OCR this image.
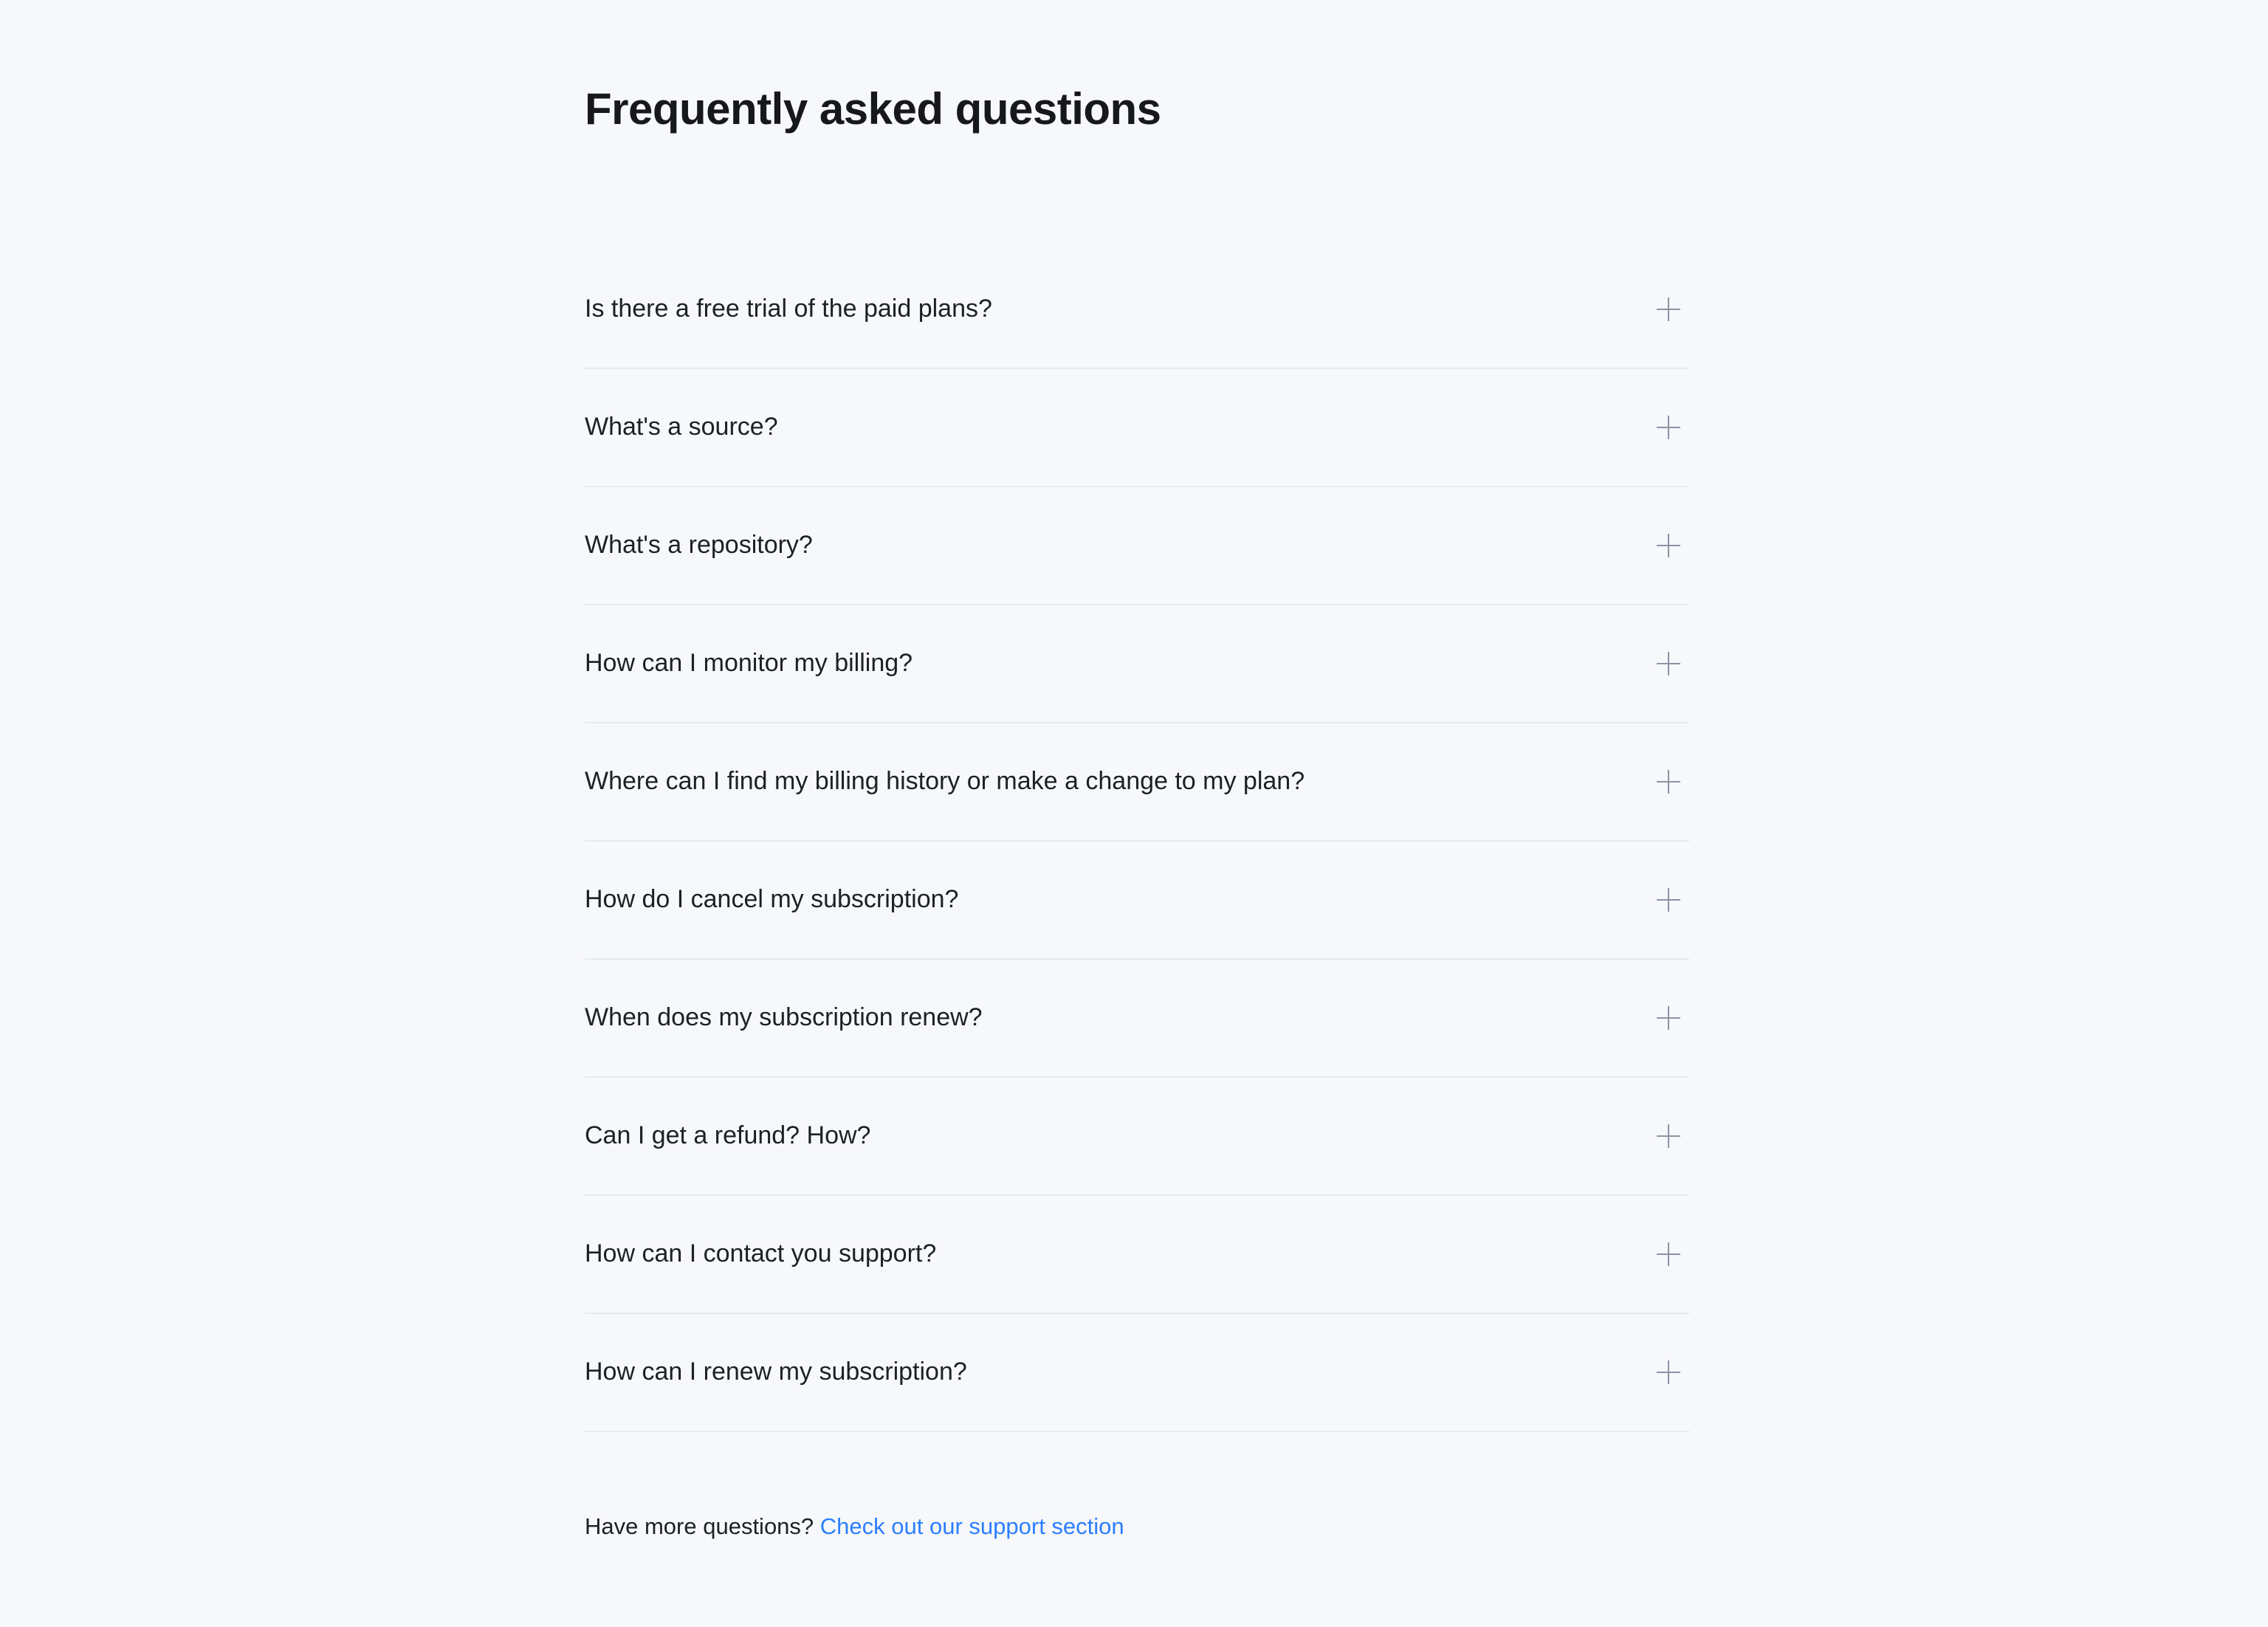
Frequently asked questions
Is there a free trial of the paid plans?
What's a source?
What's a repository?
How can I monitor my billing?
Where can I find my billing history or make a change to my plan?
How do I cancel my subscription?
When does my subscription renew?
Can I get a refund? How?
How can I contact you support?
How can I renew my subscription?
Have more questions? Check out our support section
